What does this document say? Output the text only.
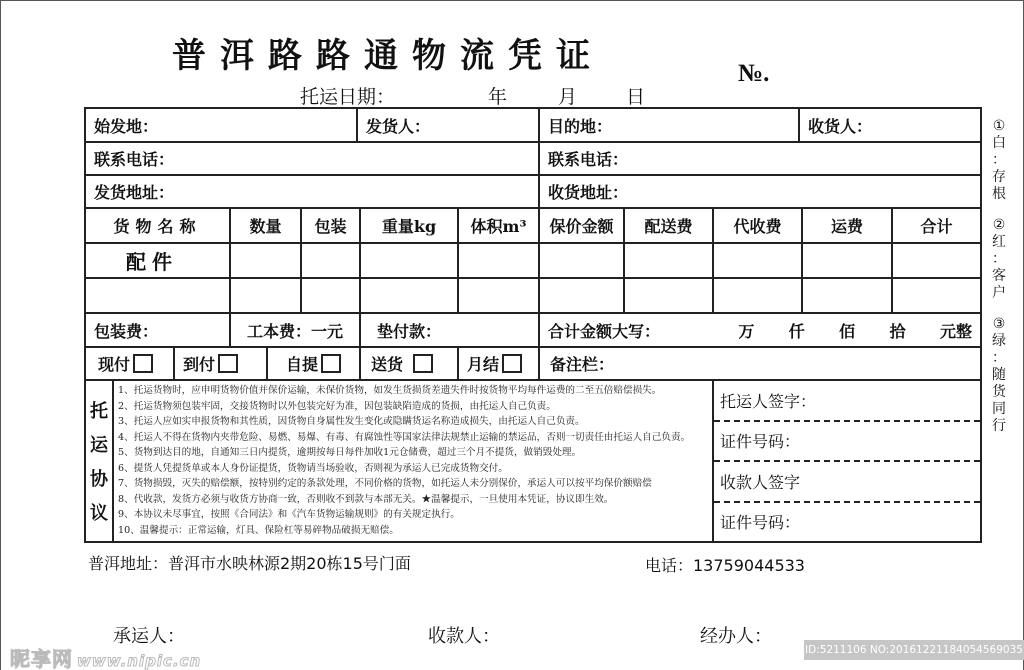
普洱路路通物流凭证	№.
托运日期：	年	月	日
始发地：	发货人：	目的地：	收货人：
联系电话：	联系电话：
发货地址：	收货地址：
货物名称	数量	包装	重量kg	体积m³	保价金额	配送费	代收费	运费	合计
配件
包装费：	工本费：一元 垫付款：	合计金额大写：	万 仟 佰 拾 元整
现付	到付	自提	送货	月结	备注栏：
托
运
协
议
1、托运货物时，应申明货物价值并保价运输，未保价货物，如发生货损货差遗失件时按货物平均每件运费的二至五倍赔偿损失。
2、托运货物须包装牢固，交接货物时以外包装完好为准，因包装缺陷造成的货损，由托运人自己负责。
3、托运人应如实申报货物和其性质，因货物自身属性发生变化或隐瞒货运名称造成损失，由托运人自己负责。
4、托运人不得在货物内夹带危险、易燃、易爆、有毒、有腐蚀性等国家法律法规禁止运输的禁运品，否则一切责任由托运人自己负责。
5、货物到达目的地，自通知三日内提货，逾期按每日每件加收1元仓储费，超过三个月不提货，做销毁处理。
6、提货人凭提货单或本人身份证提货，货物请当场验收，否则视为承运人已完成货物交付。
7、货物损毁，灭失的赔偿额，按特别约定的条款处理，不同价格的货物，如托运人未分别保价，承运人可以按平均保价额赔偿
8、代收款，发货方必须与收货方协商一致，否则收不到款与本部无关。★温馨提示，一旦使用本凭证，协议即生效。
9、本协议未尽事宜，按照《合同法》和《汽车货物运输规则》的有关规定执行。
10、温馨提示：正常运输，灯具、保险杠等易碎物品破损无赔偿。
托运人签字：
证件号码：
收款人签字
证件号码：
①
白
：
存
根
②
红
：
客
户
③
绿
：
随
货
同
行
普洱地址：普洱市水映林源2期20栋15号门面	电话：13759044533
承运人：	收款人：	经办人：
昵享网 www.nipic.cn
ID:5211106 NO:20161221184054569035
